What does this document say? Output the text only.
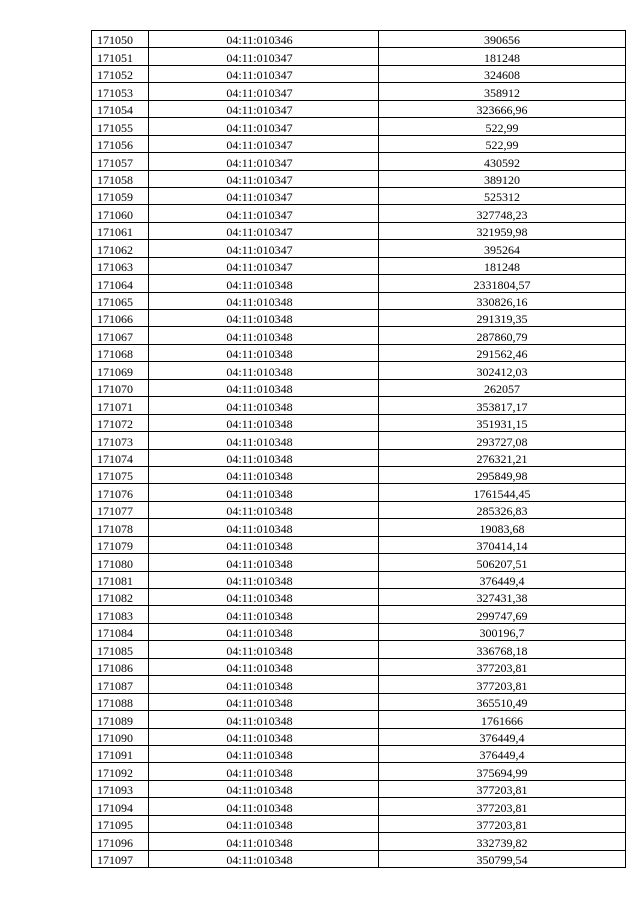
171050	04:11:010346	390656
171051	04:11:010347	181248
171052	04:11:010347	324608
171053	04:11:010347	358912
171054	04:11:010347	323666,96
171055	04:11:010347	522,99
171056	04:11:010347	522,99
171057	04:11:010347	430592
171058	04:11:010347	389120
171059	04:11:010347	525312
171060	04:11:010347	327748,23
171061	04:11:010347	321959,98
171062	04:11:010347	395264
171063	04:11:010347	181248
171064	04:11:010348	2331804,57
171065	04:11:010348	330826,16
171066	04:11:010348	291319,35
171067	04:11:010348	287860,79
171068	04:11:010348	291562,46
171069	04:11:010348	302412,03
171070	04:11:010348	262057
171071	04:11:010348	353817,17
171072	04:11:010348	351931,15
171073	04:11:010348	293727,08
171074	04:11:010348	276321,21
171075	04:11:010348	295849,98
171076	04:11:010348	1761544,45
171077	04:11:010348	285326,83
171078	04:11:010348	19083,68
171079	04:11:010348	370414,14
171080	04:11:010348	506207,51
171081	04:11:010348	376449,4
171082	04:11:010348	327431,38
171083	04:11:010348	299747,69
171084	04:11:010348	300196,7
171085	04:11:010348	336768,18
171086	04:11:010348	377203,81
171087	04:11:010348	377203,81
171088	04:11:010348	365510,49
171089	04:11:010348	1761666
171090	04:11:010348	376449,4
171091	04:11:010348	376449,4
171092	04:11:010348	375694,99
171093	04:11:010348	377203,81
171094	04:11:010348	377203,81
171095	04:11:010348	377203,81
171096	04:11:010348	332739,82
171097	04:11:010348	350799,54
